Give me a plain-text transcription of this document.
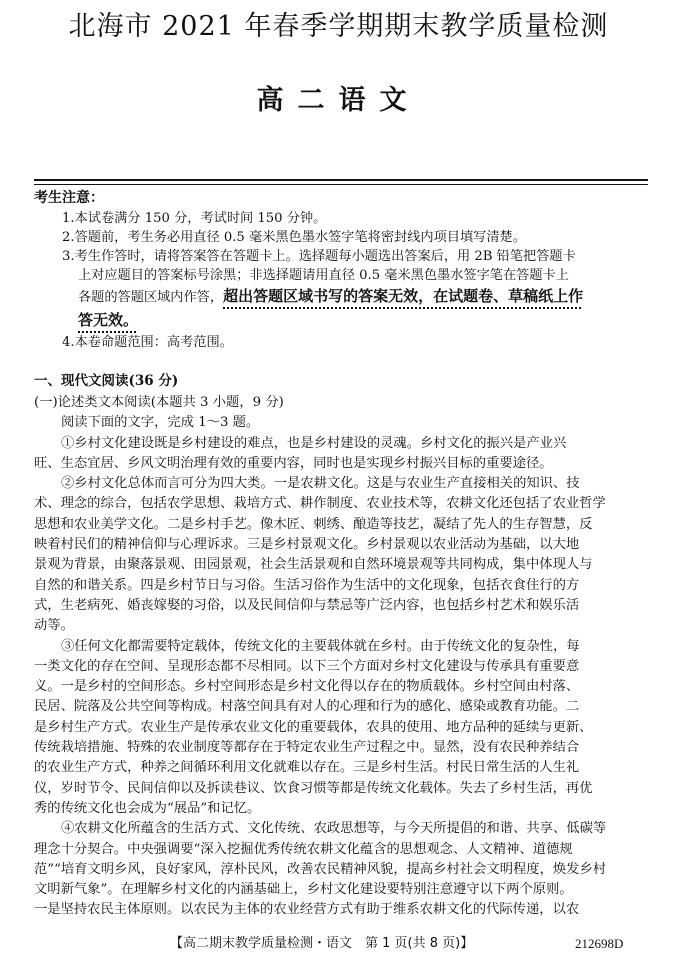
北海市 2021 年春季学期期末教学质量检测
高二语文
考生注意：

1.本试卷满分 150 分，考试时间 150 分钟。

2.答题前，考生务必用直径 0.5 毫米黑色墨水签字笔将密封线内项目填写清楚。

3.考生作答时，请将答案答在答题卡上。选择题每小题选出答案后，用 2B 铅笔把答题卡

上对应题目的答案标号涂黑；非选择题请用直径 0.5 毫米黑色墨水签字笔在答题卡上

各题的答题区域内作答，超出答题区域书写的答案无效，在试题卷、草稿纸上作

答无效。

4.本卷命题范围：高考范围。

一、现代文阅读(36 分)

(一)论述类文本阅读(本题共 3 小题，9 分)

阅读下面的文字，完成 1～3 题。

①乡村文化建设既是乡村建设的难点，也是乡村建设的灵魂。乡村文化的振兴是产业兴

旺、生态宜居、乡风文明治理有效的重要内容，同时也是实现乡村振兴目标的重要途径。

②乡村文化总体而言可分为四大类。一是农耕文化。这是与农业生产直接相关的知识、技

术、理念的综合，包括农学思想、栽培方式、耕作制度、农业技术等，农耕文化还包括了农业哲学

思想和农业美学文化。二是乡村手艺。像木匠、刺绣、酿造等技艺，凝结了先人的生存智慧，反

映着村民们的精神信仰与心理诉求。三是乡村景观文化。乡村景观以农业活动为基础，以大地

景观为背景，由聚落景观、田园景观，社会生活景观和自然环境景观等共同构成，集中体现人与

自然的和谐关系。四是乡村节日与习俗。生活习俗作为生活中的文化现象，包括衣食住行的方

式，生老病死、婚丧嫁娶的习俗，以及民间信仰与禁忌等广泛内容，也包括乡村艺术和娱乐活

动等。

③任何文化都需要特定载体，传统文化的主要载体就在乡村。由于传统文化的复杂性，每

一类文化的存在空间、呈现形态都不尽相同。以下三个方面对乡村文化建设与传承具有重要意

义。一是乡村的空间形态。乡村空间形态是乡村文化得以存在的物质载体。乡村空间由村落、

民居、院落及公共空间等构成。村落空间具有对人的心理和行为的感化、感染或教育功能。二

是乡村生产方式。农业生产是传承农业文化的重要载体，农具的使用、地方品种的延续与更新、

传统栽培措施、特殊的农业制度等都存在于特定农业生产过程之中。显然，没有农民种养结合

的农业生产方式，种养之间循环利用文化就难以存在。三是乡村生活。村民日常生活的人生礼

仪，岁时节令、民间信仰以及拆读巷议、饮食习惯等都是传统文化载体。失去了乡村生活，再优

秀的传统文化也会成为“展品”和记忆。

④农耕文化所蕴含的生活方式、文化传统、农政思想等，与今天所提倡的和谐、共享、低碳等

理念十分契合。中央强调要“深入挖掘优秀传统农耕文化蕴含的思想观念、人文精神、道德规

范”“培育文明乡风，良好家风，淳朴民风，改善农民精神风貌，提高乡村社会文明程度，焕发乡村

文明新气象”。在理解乡村文化的内涵基础上，乡村文化建设要特别注意遵守以下两个原则。

一是坚持农民主体原则。以农民为主体的农业经营方式有助于维系农耕文化的代际传递，以农

【高二期末教学质量检测・语文　第 1 页(共 8 页)】	212698D
